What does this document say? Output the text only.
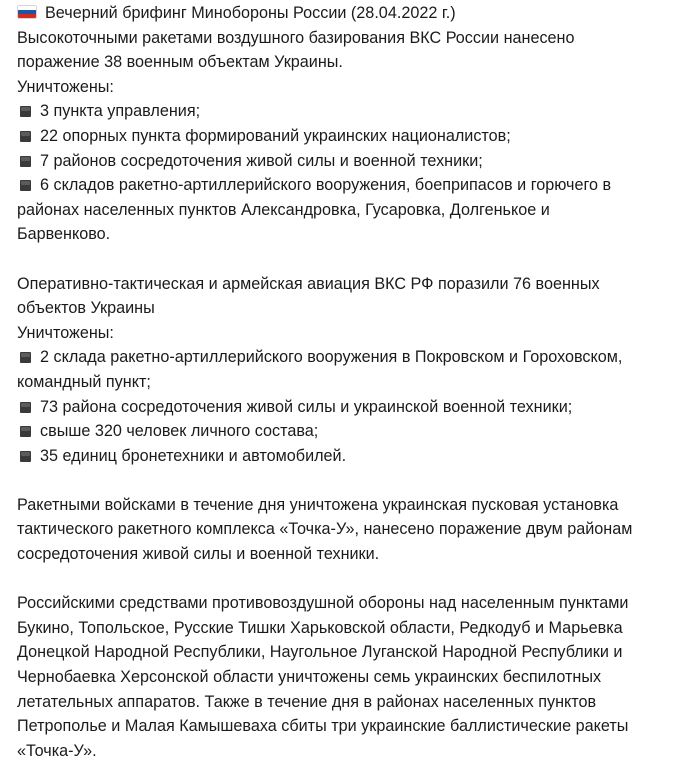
Вечерний брифинг Минобороны России (28.04.2022 г.)
Высокоточными ракетами воздушного базирования ВКС России нанесено
поражение 38 военным объектам Украины.
Уничтожены:
3 пункта управления;
22 опорных пункта формирований украинских националистов;
7 районов сосредоточения живой силы и военной техники;
6 складов ракетно-артиллерийского вооружения, боеприпасов и горючего в
районах населенных пунктов Александровка, Гусаровка, Долгенькое и
Барвенково.
Оперативно-тактическая и армейская авиация ВКС РФ поразили 76 военных
объектов Украины
Уничтожены:
2 склада ракетно-артиллерийского вооружения в Покровском и Гороховском,
командный пункт;
73 района сосредоточения живой силы и украинской военной техники;
свыше 320 человек личного состава;
35 единиц бронетехники и автомобилей.
Ракетными войсками в течение дня уничтожена украинская пусковая установка
тактического ракетного комплекса «Точка-У», нанесено поражение двум районам
сосредоточения живой силы и военной техники.
Российскими средствами противовоздушной обороны над населенным пунктами
Букино, Топольское, Русские Тишки Харьковской области, Редкодуб и Марьевка
Донецкой Народной Республики, Наугольное Луганской Народной Республики и
Чернобаевка Херсонской области уничтожены семь украинских беспилотных
летательных аппаратов. Также в течение дня в районах населенных пунктов
Петрополье и Малая Камышеваха сбиты три украинские баллистические ракеты
«Точка-У».
